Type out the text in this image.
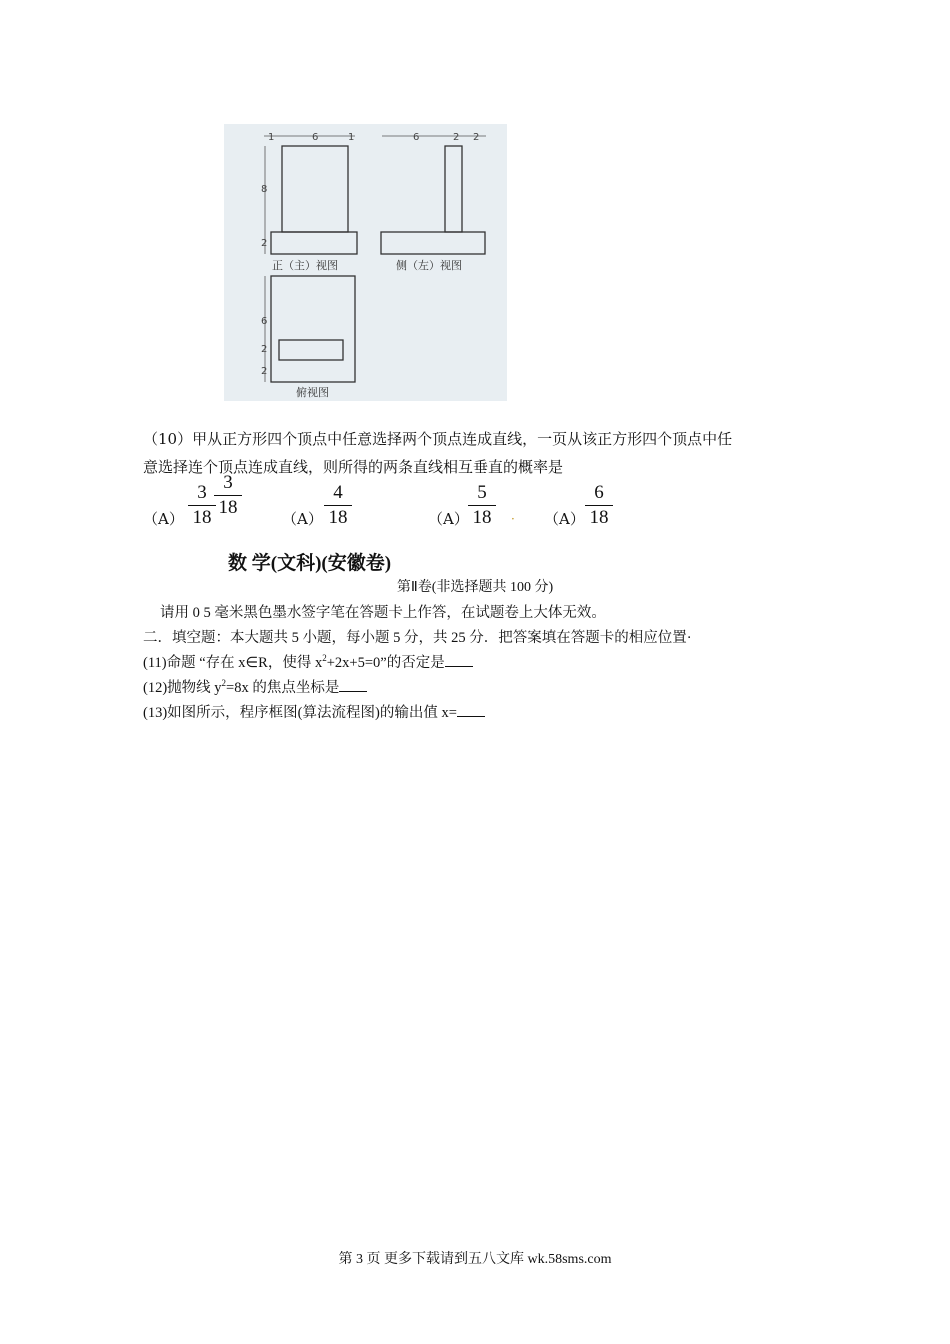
1	6	1	6	2 2
8
2
6
2
2
正（主）视图	侧（左）视图
俯视图
（10）甲从正方形四个顶点中任意选择两个顶点连成直线，一页从该正方形四个顶点中任
意选择连个顶点连成直线，则所得的两条直线相互垂直的概率是
（A）
3
18
3
18
（A）
4
18	（A）
5
18	· （A）
6
18
数 学(文科)(安徽卷)
第Ⅱ卷(非选择题共 100 分)
请用 0 5 毫米黑色墨水签字笔在答题卡上作答，在试题卷上大体无效。
二．填空题：本大题共 5 小题，每小题 5 分，共 25 分．把答案填在答题卡的相应位置·
(11)命题 “存在 x∈R，使得 $x^2+2x+5=0$”的否定是
(12)抛物线 $y^2=8x$ 的焦点坐标是
(13)如图所示，程序框图(算法流程图)的输出值 x=
第 3 页 更多下载请到五八文库 wk.58sms.com
